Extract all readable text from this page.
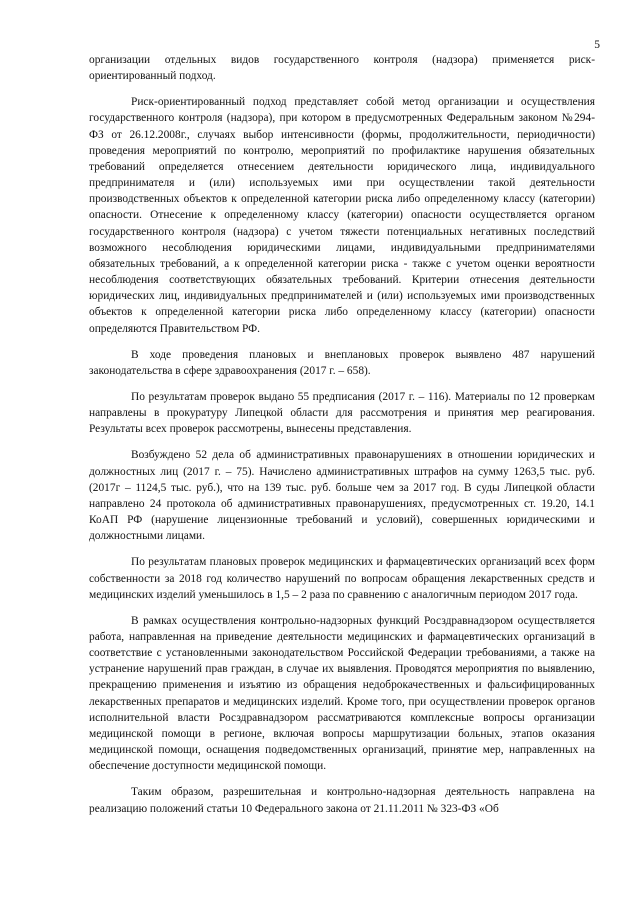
5

организации отдельных видов государственного контроля (надзора) применяется риск-ориентированный подход.

Риск-ориентированный подход представляет собой метод организации и осуществления государственного контроля (надзора), при котором в предусмотренных Федеральным законом №294-ФЗ от 26.12.2008г., случаях выбор интенсивности (формы, продолжительности, периодичности) проведения мероприятий по контролю, мероприятий по профилактике нарушения обязательных требований определяется отнесением деятельности юридического лица, индивидуального предпринимателя и (или) используемых ими при осуществлении такой деятельности производственных объектов к определенной категории риска либо определенному классу (категории) опасности. Отнесение к определенному классу (категории) опасности осуществляется органом государственного контроля (надзора) с учетом тяжести потенциальных негативных последствий возможного несоблюдения юридическими лицами, индивидуальными предпринимателями обязательных требований, а к определенной категории риска - также с учетом оценки вероятности несоблюдения соответствующих обязательных требований. Критерии отнесения деятельности юридических лиц, индивидуальных предпринимателей и (или) используемых ими производственных объектов к определенной категории риска либо определенному классу (категории) опасности определяются Правительством РФ.

В ходе проведения плановых и внеплановых проверок выявлено 487 нарушений законодательства в сфере здравоохранения (2017 г. – 658).

По результатам проверок выдано 55 предписания (2017 г. – 116). Материалы по 12 проверкам направлены в прокуратуру Липецкой области для рассмотрения и принятия мер реагирования. Результаты всех проверок рассмотрены, вынесены представления.

Возбуждено 52 дела об административных правонарушениях в отношении юридических и должностных лиц (2017 г. – 75). Начислено административных штрафов на сумму 1263,5 тыс. руб. (2017г – 1124,5 тыс. руб.), что на 139 тыс. руб. больше чем за 2017 год. В суды Липецкой области направлено 24 протокола об административных правонарушениях, предусмотренных ст. 19.20, 14.1 КоАП РФ (нарушение лицензионные требований и условий), совершенных юридическими и должностными лицами.

По результатам плановых проверок медицинских и фармацевтических организаций всех форм собственности за 2018 год количество нарушений по вопросам обращения лекарственных средств и медицинских изделий уменьшилось в 1,5 – 2 раза по сравнению с аналогичным периодом 2017 года.

В рамках осуществления контрольно-надзорных функций Росздравнадзором осуществляется работа, направленная на приведение деятельности медицинских и фармацевтических организаций в соответствие с установленными законодательством Российской Федерации требованиями, а также на устранение нарушений прав граждан, в случае их выявления. Проводятся мероприятия по выявлению, прекращению применения и изъятию из обращения недоброкачественных и фальсифицированных лекарственных препаратов и медицинских изделий. Кроме того, при осуществлении проверок органов исполнительной власти Росздравнадзором рассматриваются комплексные вопросы организации медицинской помощи в регионе, включая вопросы маршрутизации больных, этапов оказания медицинской помощи, оснащения подведомственных организаций, принятие мер, направленных на обеспечение доступности медицинской помощи.

Таким образом, разрешительная и контрольно-надзорная деятельность направлена на реализацию положений статьи 10 Федерального закона от 21.11.2011 № 323-ФЗ «Об
